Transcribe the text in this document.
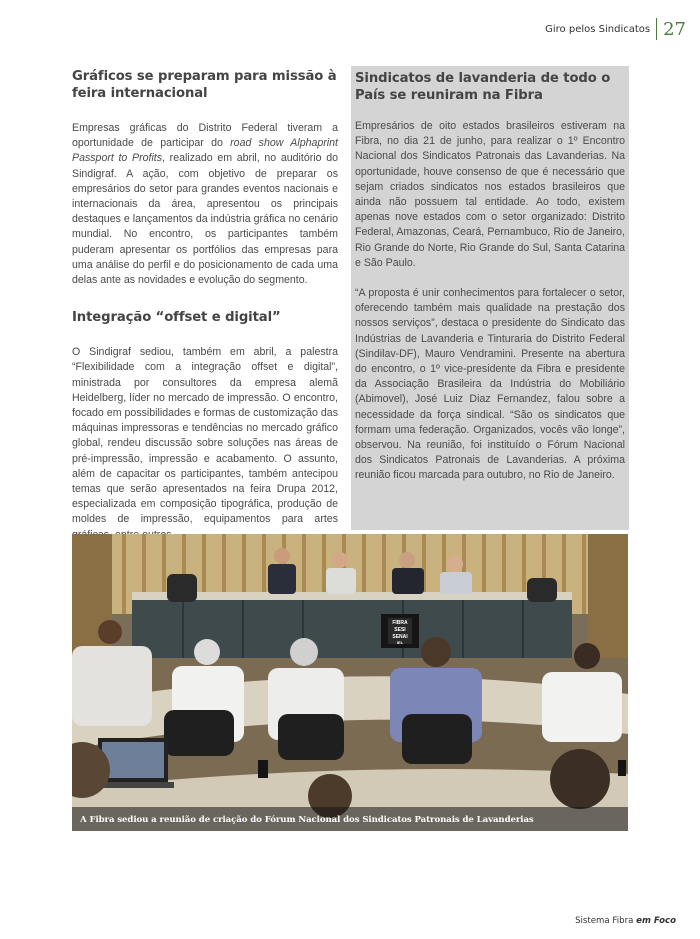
Giro pelos Sindicatos 27
Gráficos se preparam para missão à feira internacional

Empresas gráficas do Distrito Federal tiveram a oportunidade de participar do road show Alphaprint Passport to Profits, realizado em abril, no auditório do Sindigraf. A ação, com objetivo de preparar os empresários do setor para grandes eventos nacionais e internacionais da área, apresentou os principais destaques e lançamentos da indústria gráfica no cenário mundial. No encontro, os participantes também puderam apresentar os portfólios das empresas para uma análise do perfil e do posicionamento de cada uma delas ante as novidades e evolução do segmento.

Integração “offset e digital”

O Sindigraf sediou, também em abril, a palestra “Flexibilidade com a integração offset e digital”, ministrada por consultores da empresa alemã Heidelberg, líder no mercado de impressão. O encontro, focado em possibilidades e formas de customização das máquinas impressoras e tendências no mercado gráfico global, rendeu discussão sobre soluções nas áreas de pré-impressão, impressão e acabamento. O assunto, além de capacitar os participantes, também antecipou temas que serão apresentados na feira Drupa 2012, especializada em composição tipográfica, produção de moldes de impressão, equipamentos para artes

Sindicatos de lavanderia de todo o País se reuniram na Fibra

Empresários de oito estados brasileiros estiveram na Fibra, no dia 21 de junho, para realizar o 1º Encontro Nacional dos Sindicatos Patronais das Lavanderias. Na oportunidade, houve consenso de que é necessário que sejam criados sindicatos nos estados brasileiros que ainda não possuem tal entidade. Ao todo, existem apenas nove estados com o setor organizado: Distrito Federal, Amazonas, Ceará, Pernambuco, Rio de Janeiro, Rio Grande do Norte, Rio Grande do Sul, Santa Catarina e São Paulo.

“A proposta é unir conhecimentos para fortalecer o setor, oferecendo também mais qualidade na prestação dos nossos serviços”, destaca o presidente do Sindicato das Indústrias de Lavanderia e Tinturaria do Distrito Federal (Sindilav-DF), Mauro Vendramini. Presente na abertura do encontro, o 1º vice-presidente da Fibra e presidente da Associação Brasileira da Indústria do Mobiliário (Abimovel), José Luiz Diaz Fernandez, falou sobre a necessidade da força sindical. “São os sindicatos que formam uma federação. Organizados, vocês vão longe”, observou. Na reunião, foi instituído o Fórum Nacional dos Sindicatos Patronais de Lavanderias. A próxima reunião ficou marcada para outubro, no Rio de Janeiro.

FIBRA
SESI
SENAI
IEL
A Fibra sediou a reunião de criação do Fórum Nacional dos Sindicatos Patronais de Lavanderias
Sistema Fibra em Foco
